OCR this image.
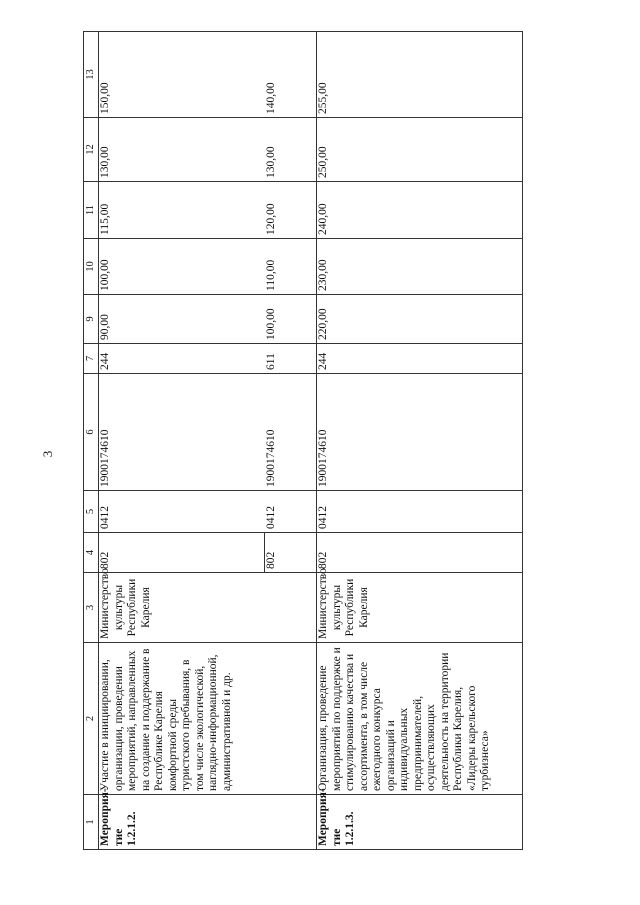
3
1	2	3	4	5	6	7	9	10	11	12	13
Мероприя-тие 1.2.1.2.	Участие в инициировании, организации, проведении мероприятий, направленных на создание и поддержание в Республике Карелия комфортной среды туристского пребывания, в том числе экологической, наглядно-информационной, административной и др.	Министерство культуры Республики Карелия	802	0412	1900174610	244	90,00	100,00	115,00	130,00	150,00
			802	0412	1900174610	611	100,00	110,00	120,00	130,00	140,00
Мероприя-тие 1.2.1.3.	Организация, проведение мероприятий по поддержке и стимулированию качества и ассортимента, в том числе ежегодного конкурса организаций и индивидуальных предпринимателей, осуществляющих деятельность на территории Республики Карелия, «Лидеры карельского турбизнеса»	Министерство культуры Республики Карелия	802	0412	1900174610	244	220,00	230,00	240,00	250,00	255,00
